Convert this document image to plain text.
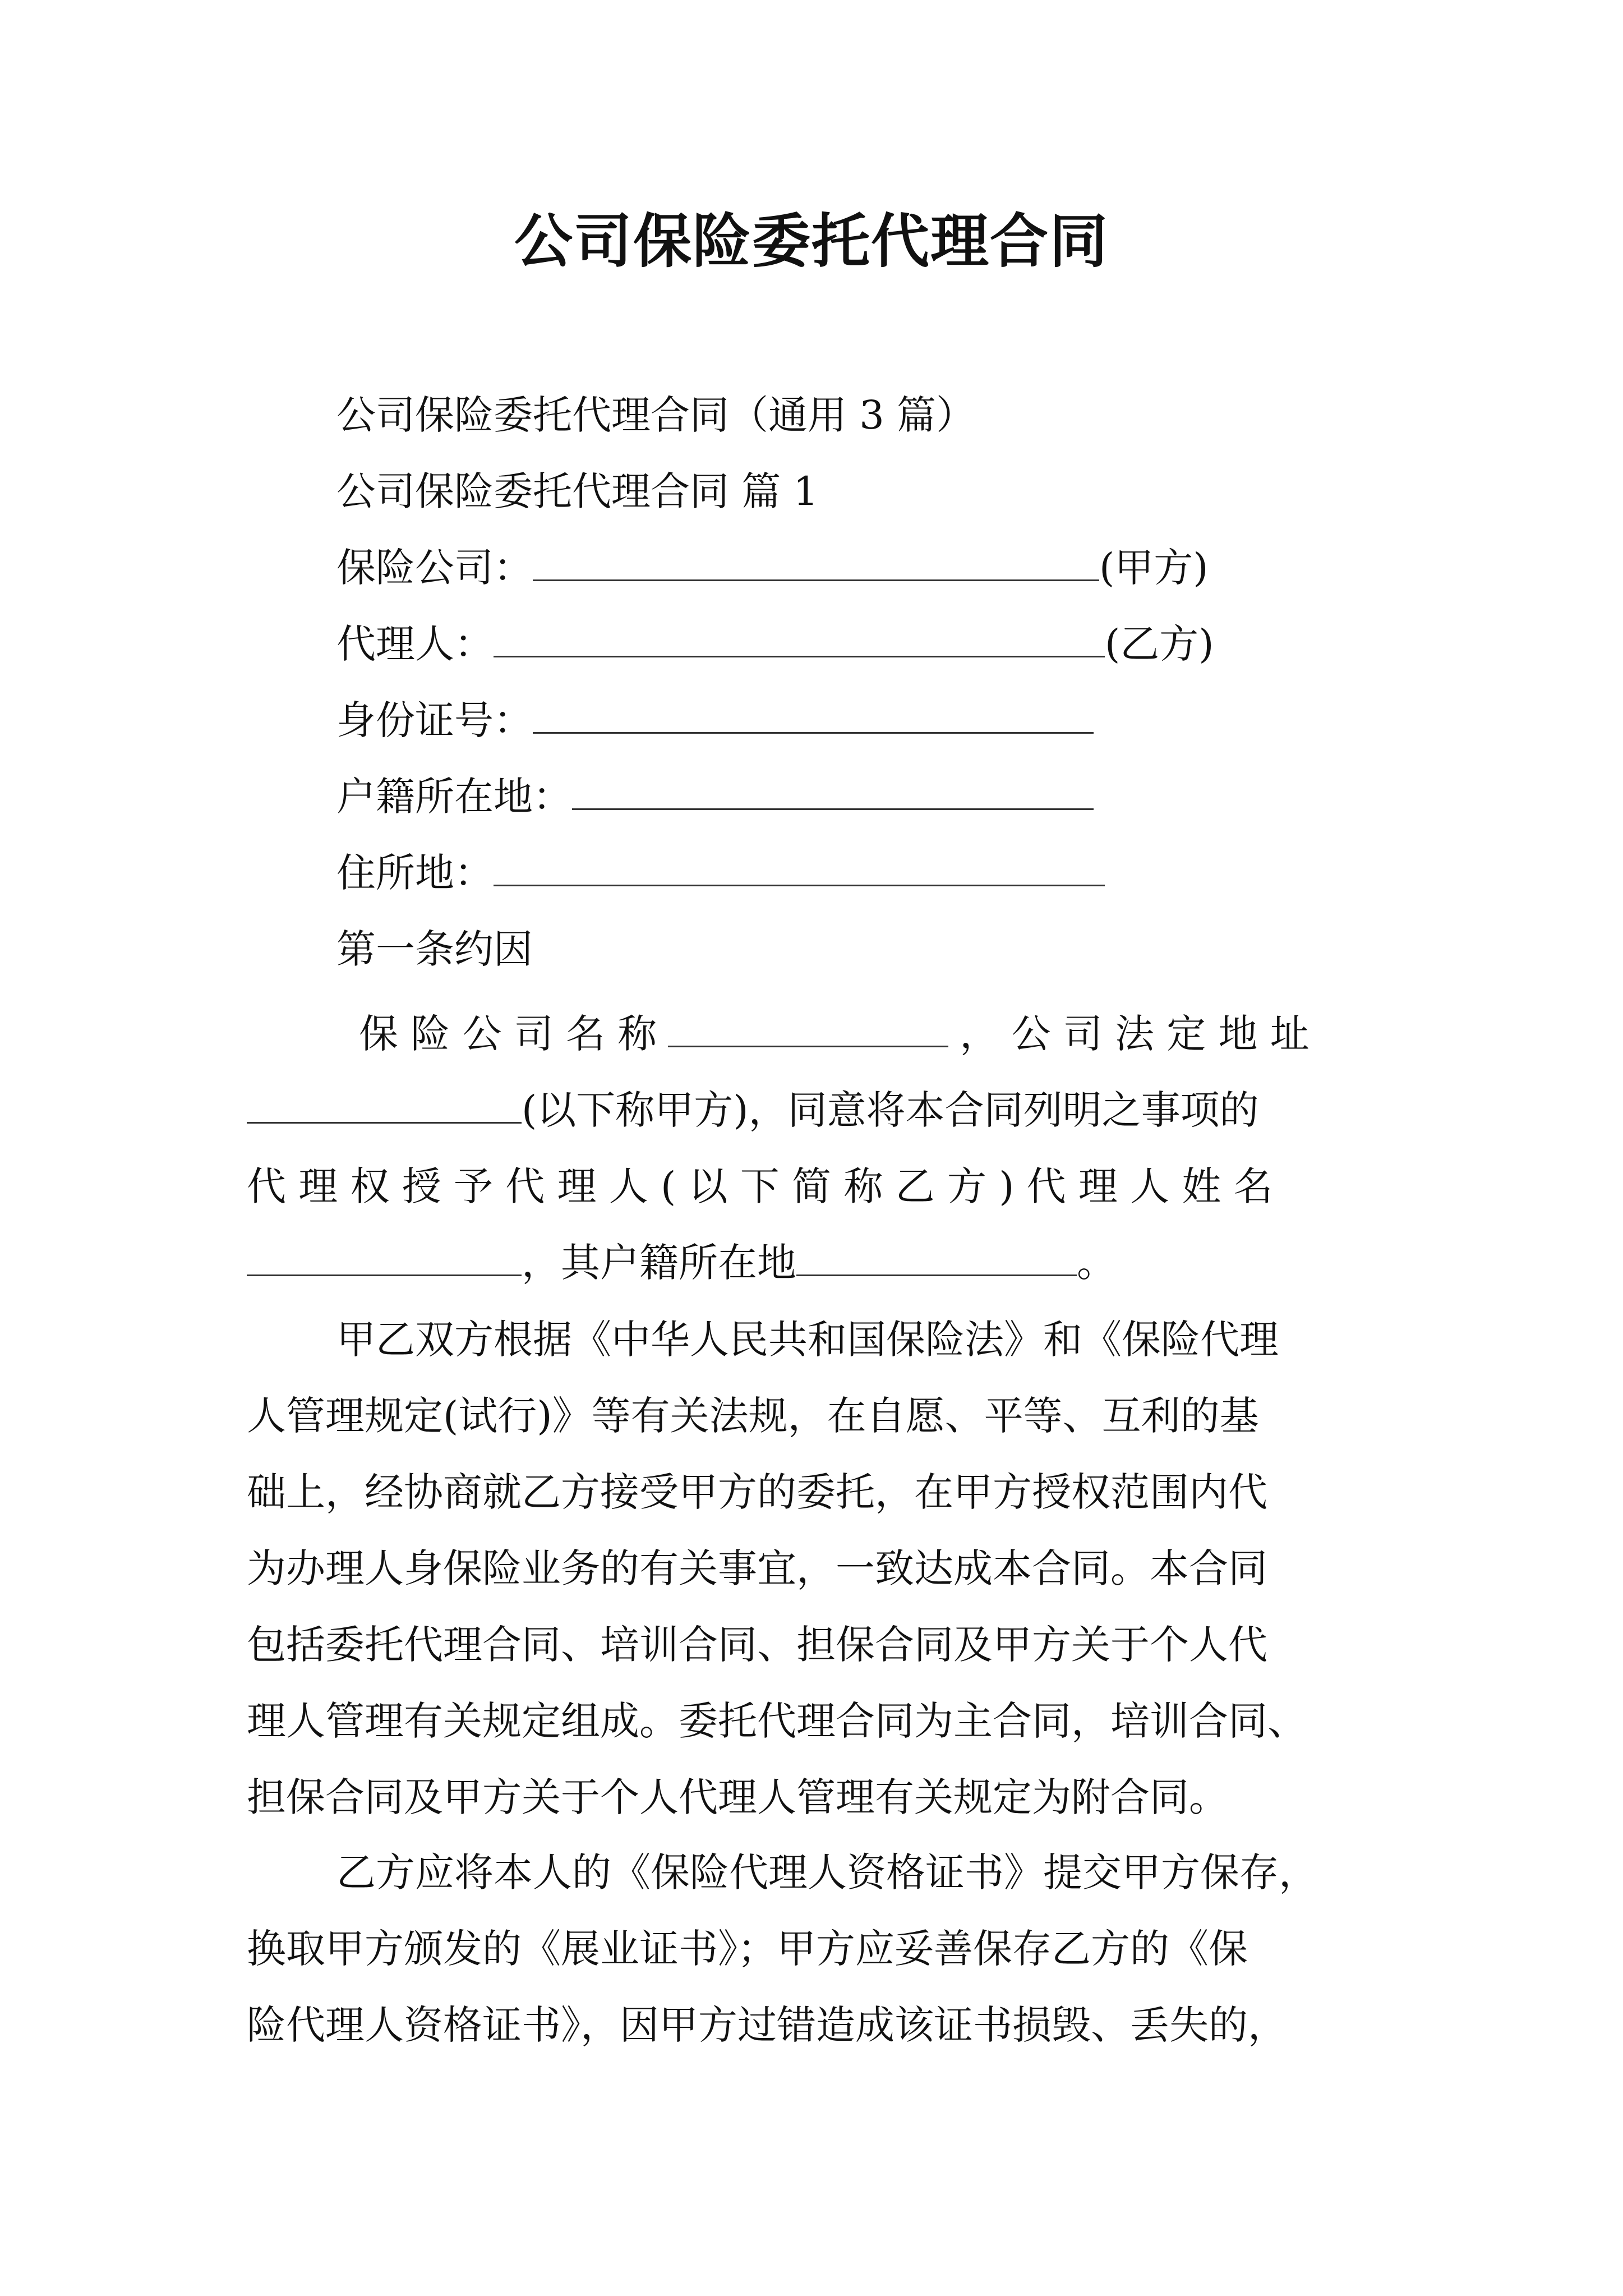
公司保险委托代理合同
公司保险委托代理合同（通用 3 篇）
公司保险委托代理合同 篇 1
保险公司：	(甲方)
代理人：	(乙方)
身份证号：
户籍所在地：
住所地：
第一条约因
保 险 公 司 名 称	， 公 司 法 定 地 址
(以下称甲方)，同意将本合同列明之事项的
代 理 权 授 予 代 理 人 ( 以 下 简 称 乙 方 ) 代 理 人 姓 名
，其户籍所在地	。
甲乙双方根据《中华人民共和国保险法》和《保险代理
人管理规定(试行)》等有关法规，在自愿、平等、互利的基
础上，经协商就乙方接受甲方的委托，在甲方授权范围内代
为办理人身保险业务的有关事宜，一致达成本合同。本合同
包括委托代理合同、培训合同、担保合同及甲方关于个人代
理人管理有关规定组成。委托代理合同为主合同，培训合同、
担保合同及甲方关于个人代理人管理有关规定为附合同。
乙方应将本人的《保险代理人资格证书》提交甲方保存，
换取甲方颁发的《展业证书》；甲方应妥善保存乙方的《保
险代理人资格证书》，因甲方过错造成该证书损毁、丢失的，
